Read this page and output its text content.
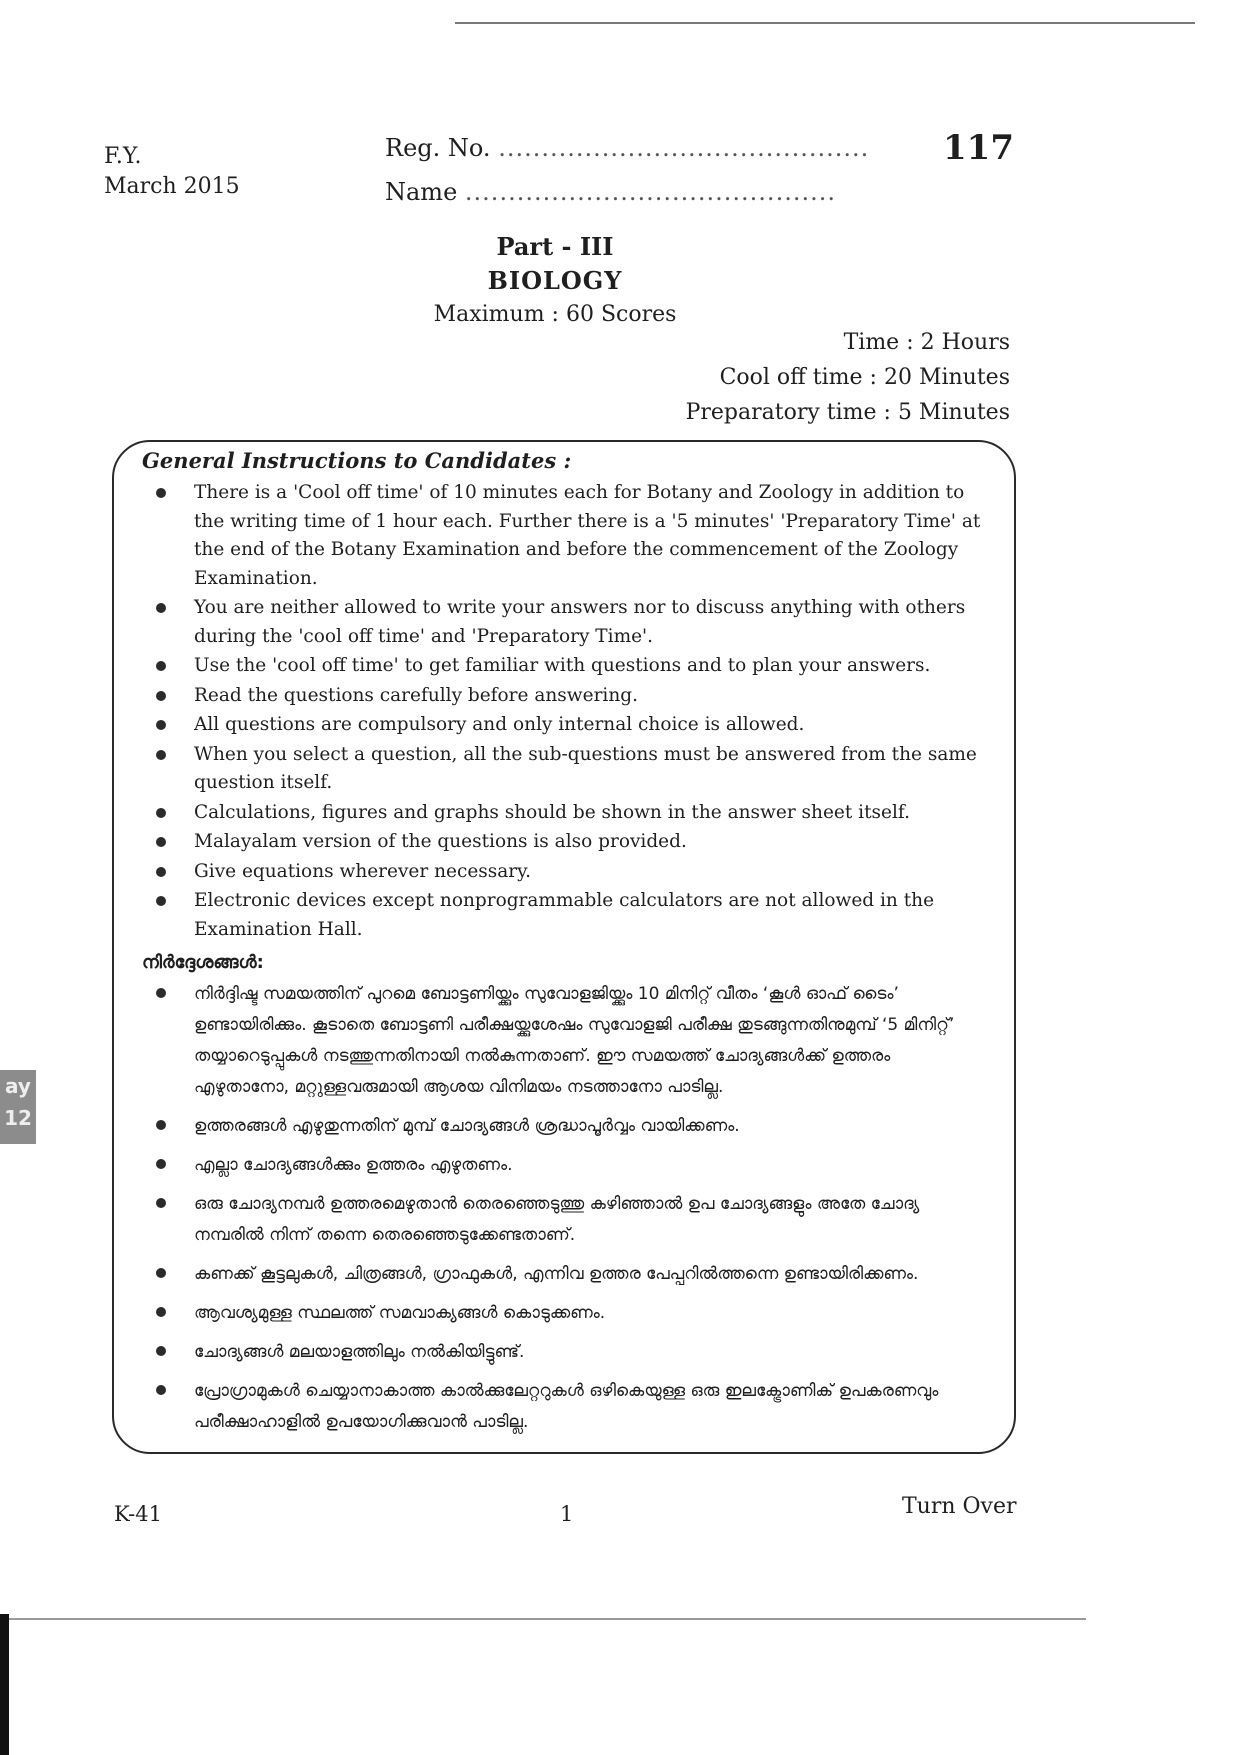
F.Y.
March 2015
Reg. No. ...........................................
Name ...........................................
117
Part - III
BIOLOGY
Maximum : 60 Scores
Time : 2 Hours
Cool off time : 20 Minutes
Preparatory time : 5 Minutes
General Instructions to Candidates :
There is a 'Cool off time' of 10 minutes each for Botany and Zoology in addition to the writing time of 1 hour each. Further there is a '5 minutes' 'Preparatory Time' at the end of the Botany Examination and before the commencement of the Zoology Examination.
You are neither allowed to write your answers nor to discuss anything with others during the 'cool off time' and 'Preparatory Time'.
Use the 'cool off time' to get familiar with questions and to plan your answers.
Read the questions carefully before answering.
All questions are compulsory and only internal choice is allowed.
When you select a question, all the sub-questions must be answered from the same question itself.
Calculations, figures and graphs should be shown in the answer sheet itself.
Malayalam version of the questions is also provided.
Give equations wherever necessary.
Electronic devices except nonprogrammable calculators are not allowed in the Examination Hall.
നിർദ്ദേശങ്ങൾ:
നിർദ്ദിഷ്ട സമയത്തിന് പുറമെ ബോട്ടണിയ്ക്കും സുവോളജിയ്ക്കും 10 മിനിറ്റ് വീതം ‘കൂൾ ഓഫ് ടൈം’ ഉണ്ടായിരിക്കും. കൂടാതെ ബോട്ടണി പരീക്ഷയ്ക്കുശേഷം സുവോളജി പരീക്ഷ തുടങ്ങുന്നതിനുമുമ്പ് ‘5 മിനിറ്റ്’ തയ്യാറെടുപ്പുകൾ നടത്തുന്നതിനായി നൽകുന്നതാണ്. ഈ സമയത്ത് ചോദ്യങ്ങൾക്ക് ഉത്തരം എഴുതാനോ, മറ്റുള്ളവരുമായി ആശയ വിനിമയം നടത്താനോ പാടില്ല.
ഉത്തരങ്ങൾ എഴുതുന്നതിന് മുമ്പ് ചോദ്യങ്ങൾ ശ്രദ്ധാപൂർവ്വം വായിക്കണം.
എല്ലാ ചോദ്യങ്ങൾക്കും ഉത്തരം എഴുതണം.
ഒരു ചോദ്യനമ്പർ ഉത്തരമെഴുതാൻ തെരഞ്ഞെടുത്തു കഴിഞ്ഞാൽ ഉപ ചോദ്യങ്ങളും അതേ ചോദ്യ നമ്പരിൽ നിന്ന് തന്നെ തെരഞ്ഞെടുക്കേണ്ടതാണ്.
കണക്ക് കൂട്ടലുകൾ, ചിത്രങ്ങൾ, ഗ്രാഫുകൾ, എന്നിവ ഉത്തര പേപ്പറിൽത്തന്നെ ഉണ്ടായിരിക്കണം.
ആവശ്യമുള്ള സ്ഥലത്ത് സമവാക്യങ്ങൾ കൊടുക്കണം.
ചോദ്യങ്ങൾ മലയാളത്തിലും നൽകിയിട്ടുണ്ട്.
പ്രോഗ്രാമുകൾ ചെയ്യാനാകാത്ത കാൽക്കുലേറ്ററുകൾ ഒഴികെയുള്ള ഒരു ഇലക്ട്രോണിക് ഉപകരണവും പരീക്ഷാഹാളിൽ ഉപയോഗിക്കുവാൻ പാടില്ല.
ay
12
K-41	1	Turn Over
